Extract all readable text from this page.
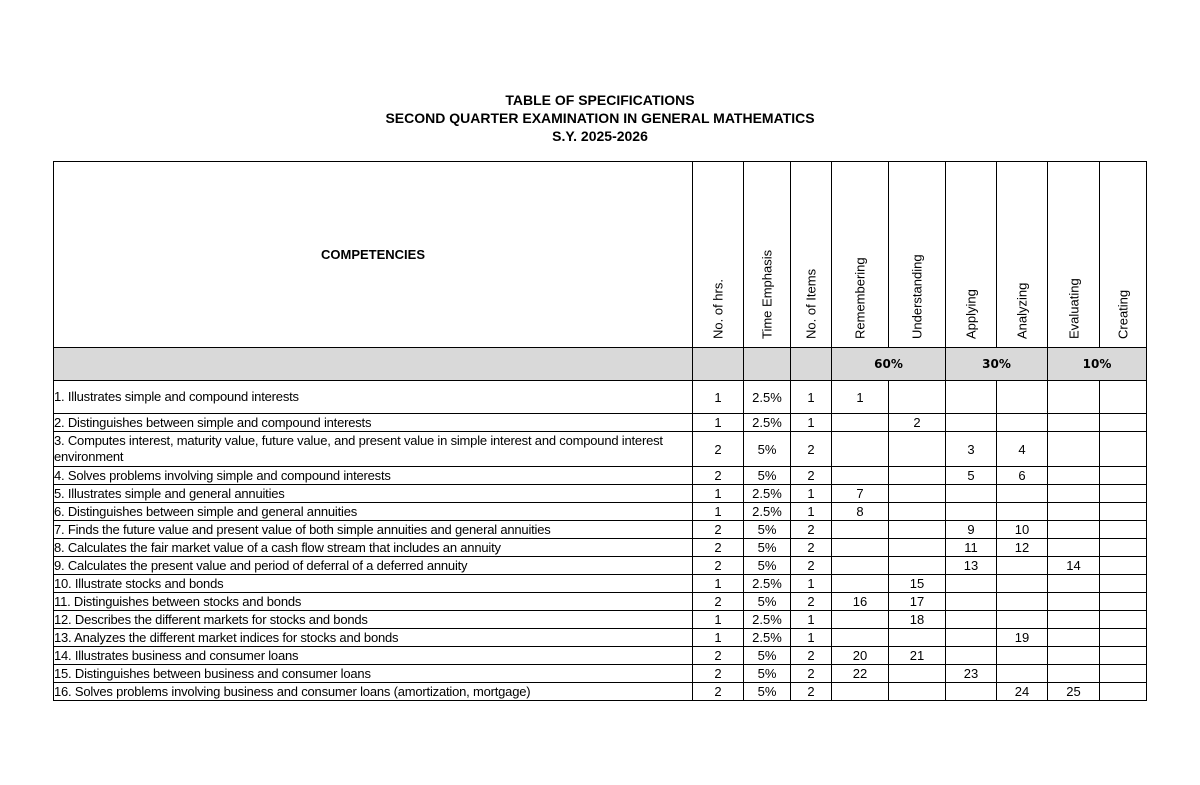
TABLE OF SPECIFICATIONS
SECOND QUARTER EXAMINATION IN GENERAL MATHEMATICS
S.Y. 2025-2026
COMPETENCIES	No. of hrs.	Time Emphasis	No. of Items	Remembering	Understanding	Applying	Analyzing	Evaluating	Creating

				60%		30%		10%	
1. Illustrates simple and compound interests	1	2.5%	1	1					
2. Distinguishes between simple and compound interests	1	2.5%	1		2				
3. Computes interest, maturity value, future value, and present value in simple interest and compound interest environment	2	5%	2			3	4		
4. Solves problems involving simple and compound interests	2	5%	2			5	6		
5. Illustrates simple and general annuities	1	2.5%	1	7					
6. Distinguishes between simple and general annuities	1	2.5%	1	8					
7. Finds the future value and present value of both simple annuities and general annuities	2	5%	2			9	10		
8. Calculates the fair market value of a cash flow stream that includes an annuity	2	5%	2			11	12		
9. Calculates the present value and period of deferral of a deferred annuity	2	5%	2			13		14	
10. Illustrate stocks and bonds	1	2.5%	1		15				
11. Distinguishes between stocks and bonds	2	5%	2	16	17				
12. Describes the different markets for stocks and bonds	1	2.5%	1		18				
13. Analyzes the different market indices for stocks and bonds	1	2.5%	1				19		
14. Illustrates business and consumer loans	2	5%	2	20	21				
15. Distinguishes between business and consumer loans	2	5%	2	22		23			
16. Solves problems involving business and consumer loans (amortization, mortgage)	2	5%	2				24	25	
